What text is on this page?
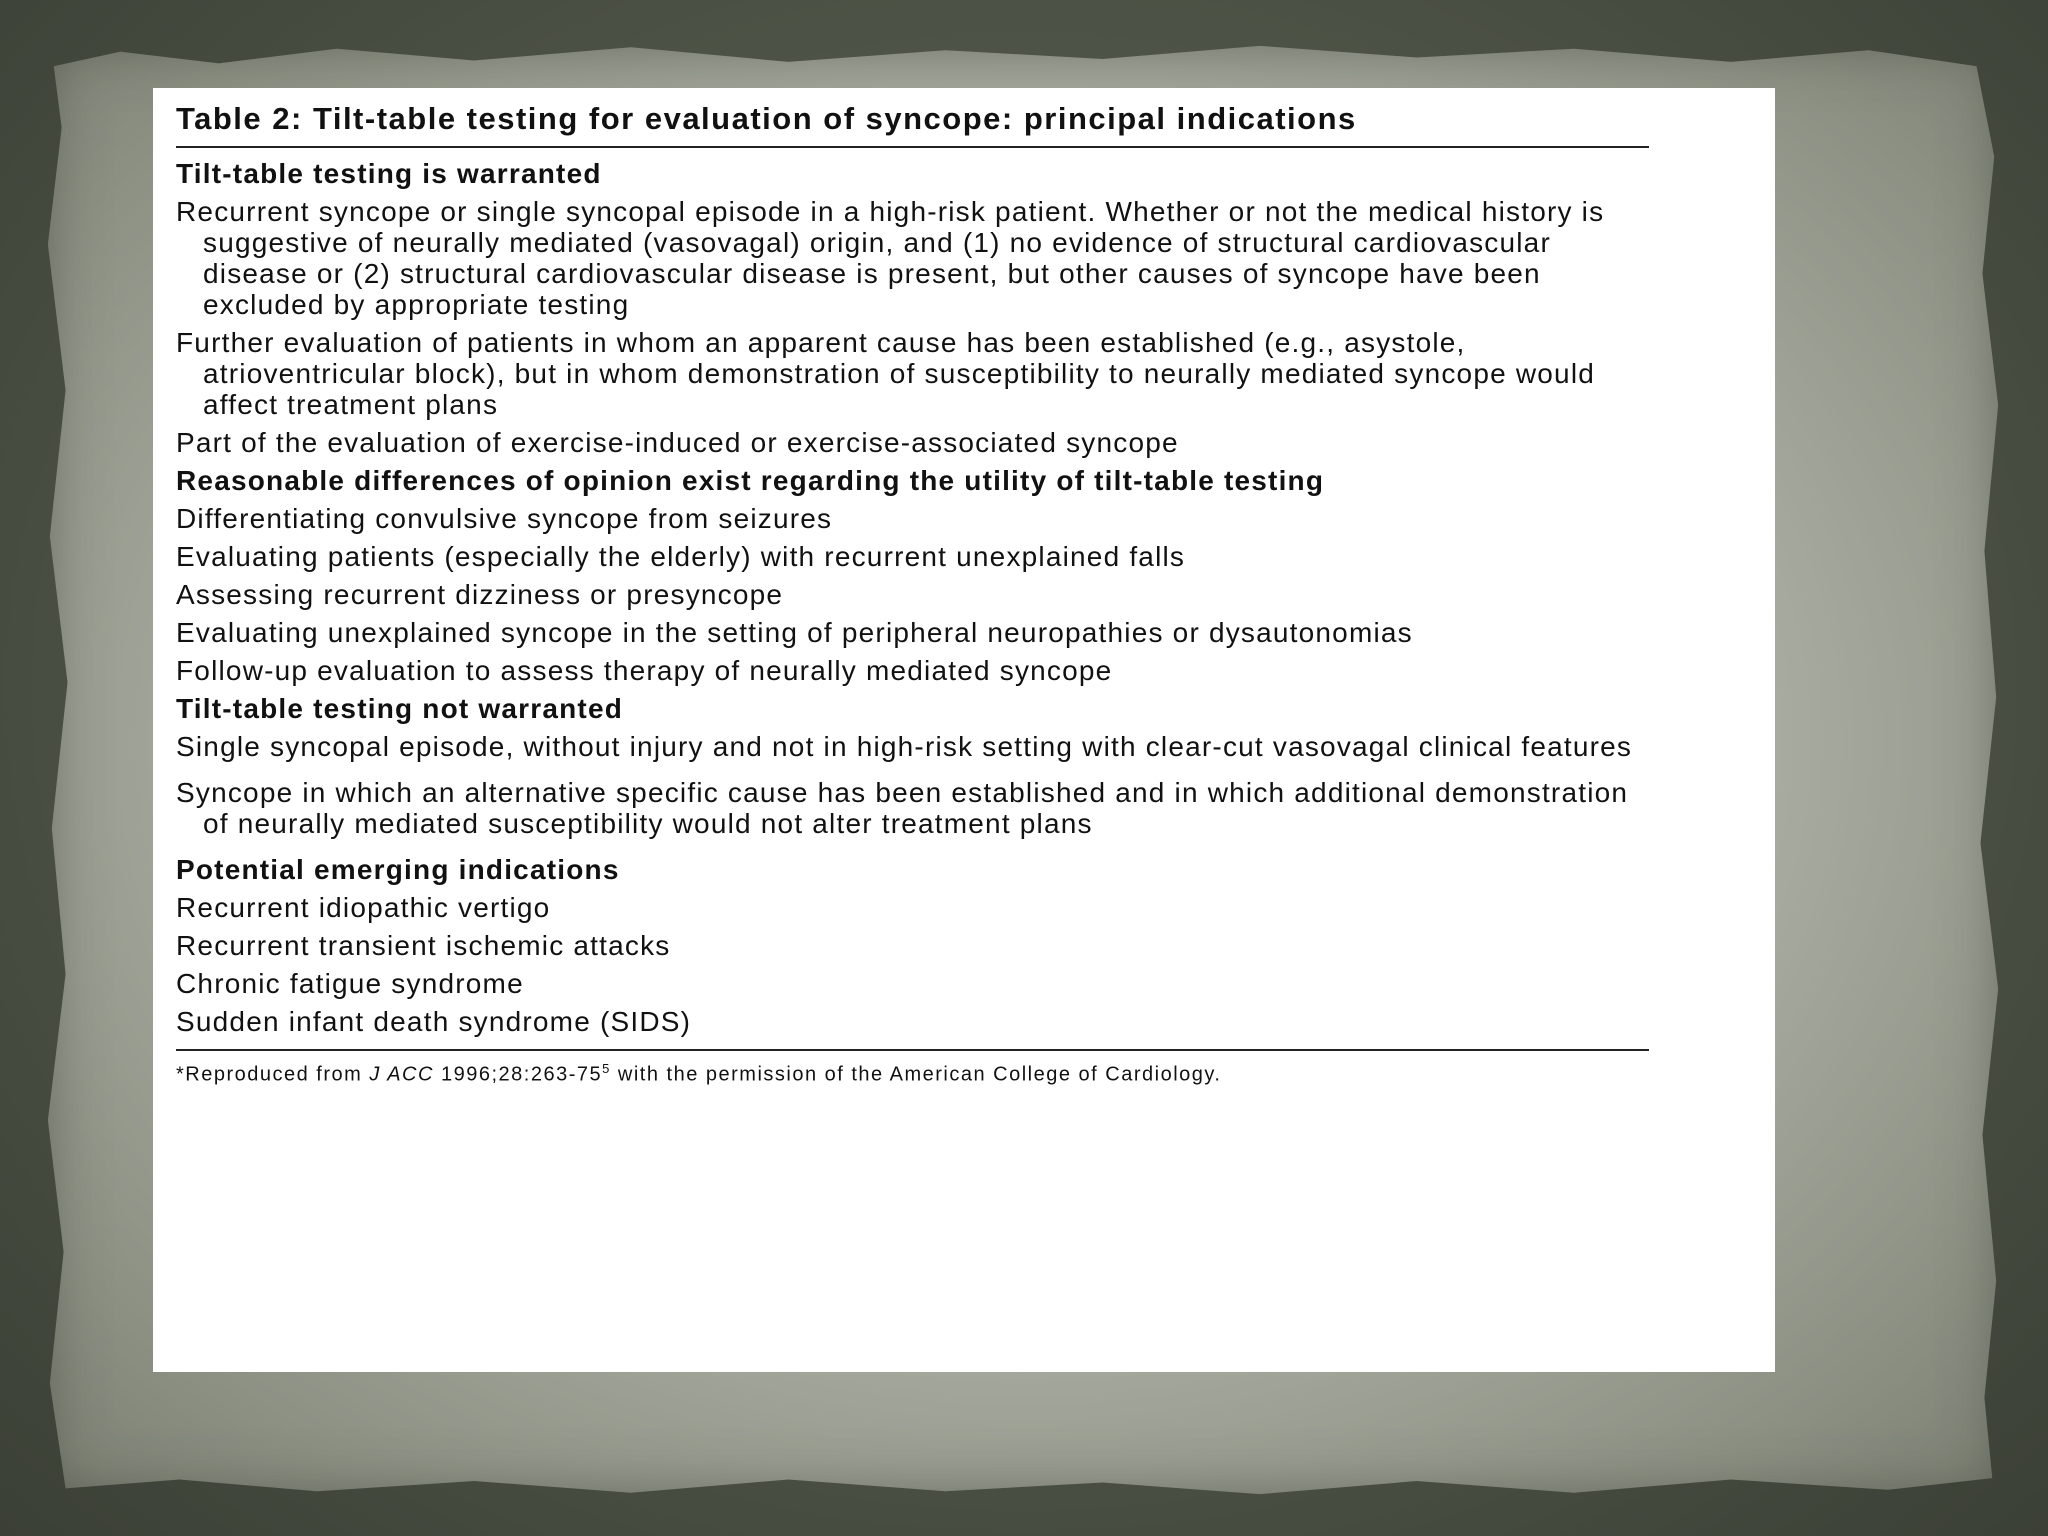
Table 2: Tilt-table testing for evaluation of syncope: principal indications
Tilt-table testing is warranted
Recurrent syncope or single syncopal episode in a high-risk patient. Whether or not the medical history is suggestive of neurally mediated (vasovagal) origin, and (1) no evidence of structural cardiovascular disease or (2) structural cardiovascular disease is present, but other causes of syncope have been excluded by appropriate testing
Further evaluation of patients in whom an apparent cause has been established (e.g., asystole, atrioventricular block), but in whom demonstration of susceptibility to neurally mediated syncope would affect treatment plans
Part of the evaluation of exercise-induced or exercise-associated syncope
Reasonable differences of opinion exist regarding the utility of tilt-table testing
Differentiating convulsive syncope from seizures
Evaluating patients (especially the elderly) with recurrent unexplained falls
Assessing recurrent dizziness or presyncope
Evaluating unexplained syncope in the setting of peripheral neuropathies or dysautonomias
Follow-up evaluation to assess therapy of neurally mediated syncope
Tilt-table testing not warranted
Single syncopal episode, without injury and not in high-risk setting with clear-cut vasovagal clinical features
Syncope in which an alternative specific cause has been established and in which additional demonstration of neurally mediated susceptibility would not alter treatment plans
Potential emerging indications
Recurrent idiopathic vertigo
Recurrent transient ischemic attacks
Chronic fatigue syndrome
Sudden infant death syndrome (SIDS)
*Reproduced from J ACC $1996;28:263-75^5$ with the permission of the American College of Cardiology.
